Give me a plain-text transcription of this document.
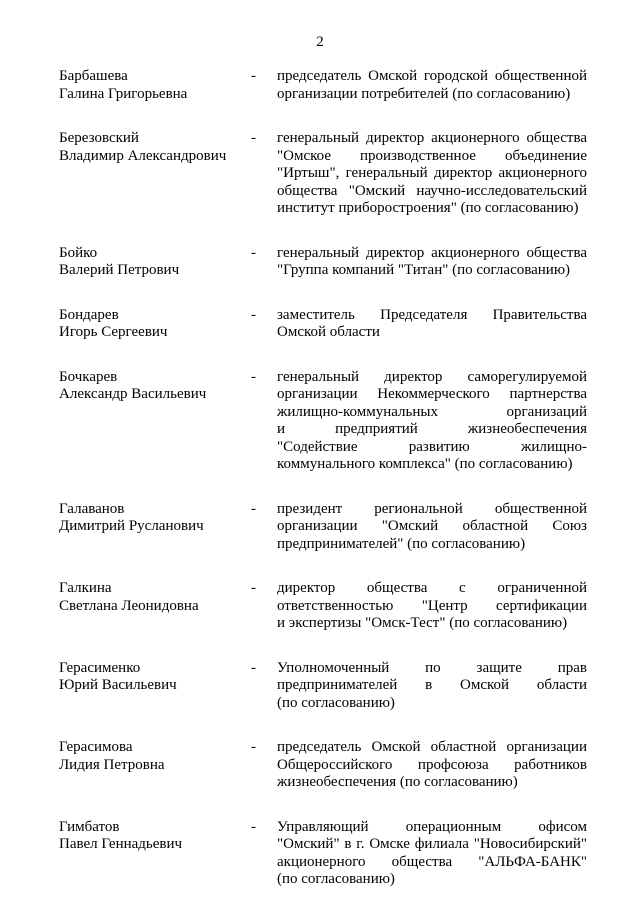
2
Барбашева
Галина Григорьевна
- председатель Омской городской общественной
организации потребителей (по согласованию)
Березовский
Владимир Александрович
- генеральный директор акционерного общества
"Омское производственное объединение
"Иртыш", генеральный директор акционерного
общества "Омский научно-исследовательский
институт приборостроения" (по согласованию)
Бойко
Валерий Петрович
- генеральный директор акционерного общества
"Группа компаний "Титан" (по согласованию)
Бондарев
Игорь Сергеевич
- заместитель Председателя Правительства
Омской области
Бочкарев
Александр Васильевич
- генеральный директор саморегулируемой
организации Некоммерческого партнерства
жилищно-коммунальных организаций
и предприятий жизнеобеспечения
"Содействие развитию жилищно-
коммунального комплекса" (по согласованию)
Галаванов
Димитрий Русланович
- президент региональной общественной
организации "Омский областной Союз
предпринимателей" (по согласованию)
Галкина
Светлана Леонидовна
- директор общества с ограниченной
ответственностью "Центр сертификации
и экспертизы "Омск-Тест" (по согласованию)
Герасименко
Юрий Васильевич
- Уполномоченный по защите прав
предпринимателей в Омской области
(по согласованию)
Герасимова
Лидия Петровна
- председатель Омской областной организации
Общероссийского профсоюза работников
жизнеобеспечения (по согласованию)
Гимбатов
Павел Геннадьевич
- Управляющий операционным офисом
"Омский" в г. Омске филиала "Новосибирский"
акционерного общества "АЛЬФА-БАНК"
(по согласованию)
